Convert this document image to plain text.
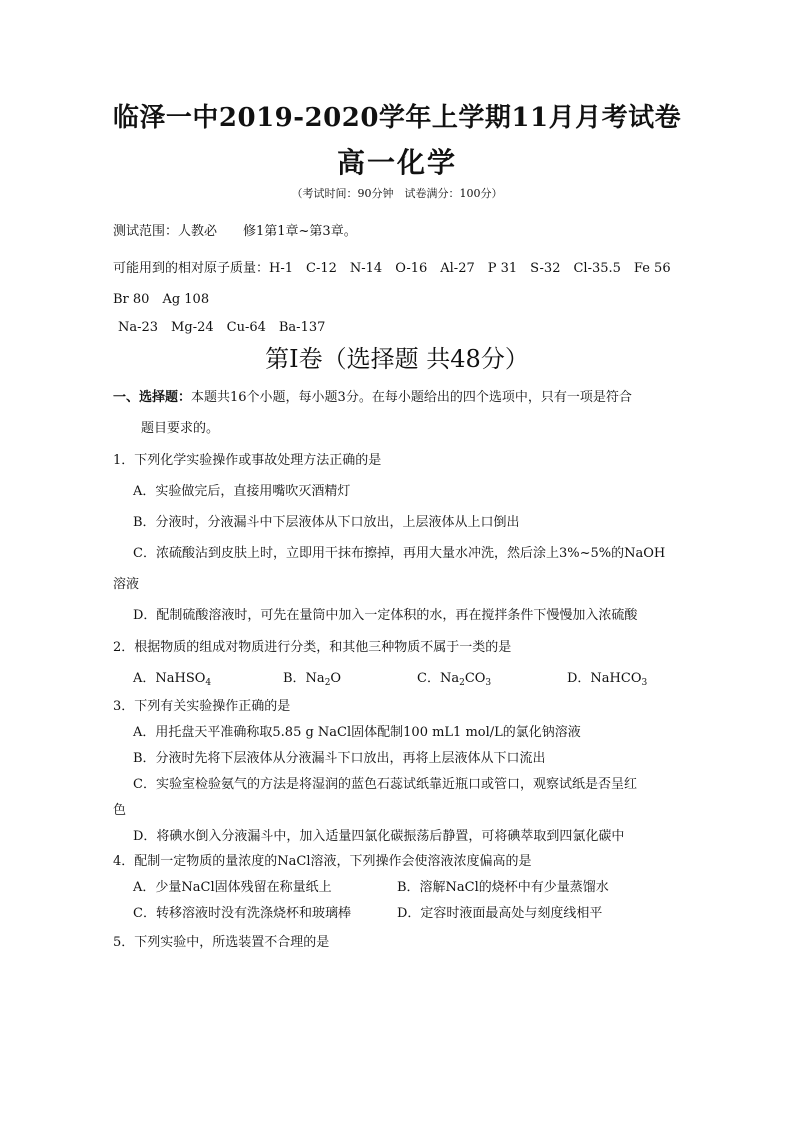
临泽一中2019-2020学年上学期11月月考试卷
高一化学
（考试时间：90分钟　试卷满分：100分）
测试范围：人教必　　修1第1章~第3章。
可能用到的相对原子质量：H-1　C-12　N-14　O-16　Al-27　P 31　S-32　Cl-35.5　Fe 56
Br 80　Ag 108
Na-23　Mg-24　Cu-64　Ba-137
第Ⅰ卷（选择题 共48分）
一、选择题：本题共16个小题，每小题3分。在每小题给出的四个选项中，只有一项是符合
题目要求的。
1．下列化学实验操作或事故处理方法正确的是
A．实验做完后，直接用嘴吹灭酒精灯
B．分液时，分液漏斗中下层液体从下口放出，上层液体从上口倒出
C．浓硫酸沾到皮肤上时，立即用干抹布擦掉，再用大量水冲洗，然后涂上3%~5%的NaOH
溶液
D．配制硫酸溶液时，可先在量筒中加入一定体积的水，再在搅拌条件下慢慢加入浓硫酸
2．根据物质的组成对物质进行分类，和其他三种物质不属于一类的是
A．NaHSO$_4$	B．$Na_2O$	C．$Na_2CO_3$	D．NaHCO$_3$
3．下列有关实验操作正确的是
A．用托盘天平准确称取5.85 g NaCl固体配制100 mL1 mol/L的氯化钠溶液
B．分液时先将下层液体从分液漏斗下口放出，再将上层液体从下口流出
C．实验室检验氨气的方法是将湿润的蓝色石蕊试纸靠近瓶口或管口，观察试纸是否呈红
色
D．将碘水倒入分液漏斗中，加入适量四氯化碳振荡后静置，可将碘萃取到四氯化碳中
4．配制一定物质的量浓度的NaCl溶液，下列操作会使溶液浓度偏高的是
A．少量NaCl固体残留在称量纸上	B．溶解NaCl的烧杯中有少量蒸馏水
C．转移溶液时没有洗涤烧杯和玻璃棒	D．定容时液面最高处与刻度线相平
5．下列实验中，所选装置不合理的是
